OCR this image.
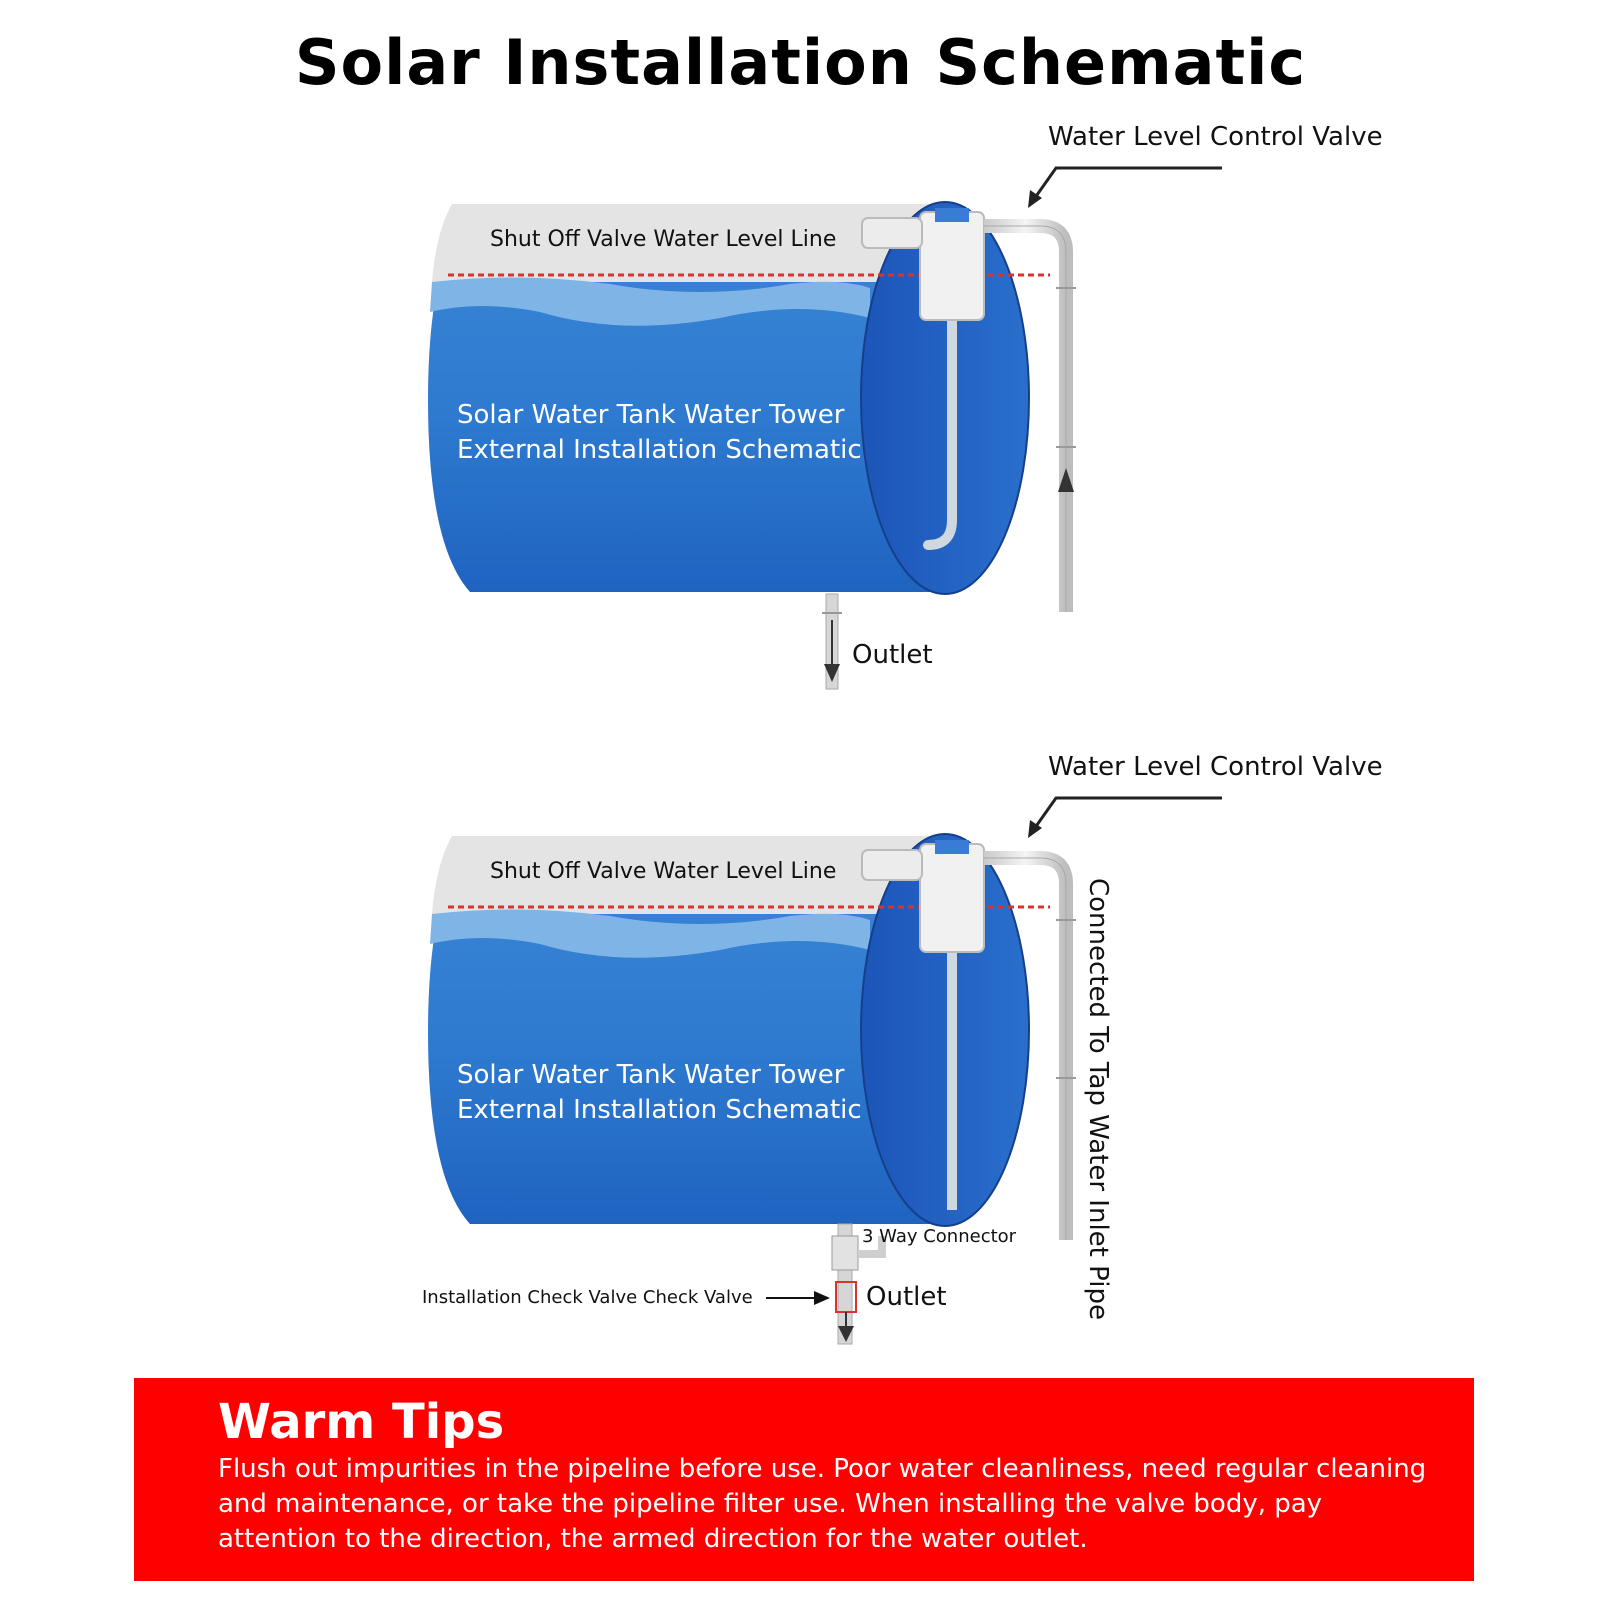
Solar Installation Schematic
Water Level Control Valve
Shut Off Valve Water Level Line
Solar Water Tank Water Tower
External Installation Schematic
Outlet
Water Level Control Valve
Shut Off Valve Water Level Line
Solar Water Tank Water Tower
External Installation Schematic
3 Way Connector
Installation Check Valve Check Valve	Outlet	Connected To Tap Water Inlet Pipe
Warm Tips
Flush out impurities in the pipeline before use. Poor water cleanliness, need regular cleaning and maintenance, or take the pipeline filter use. When installing the valve body, pay attention to the direction, the armed direction for the water outlet.
